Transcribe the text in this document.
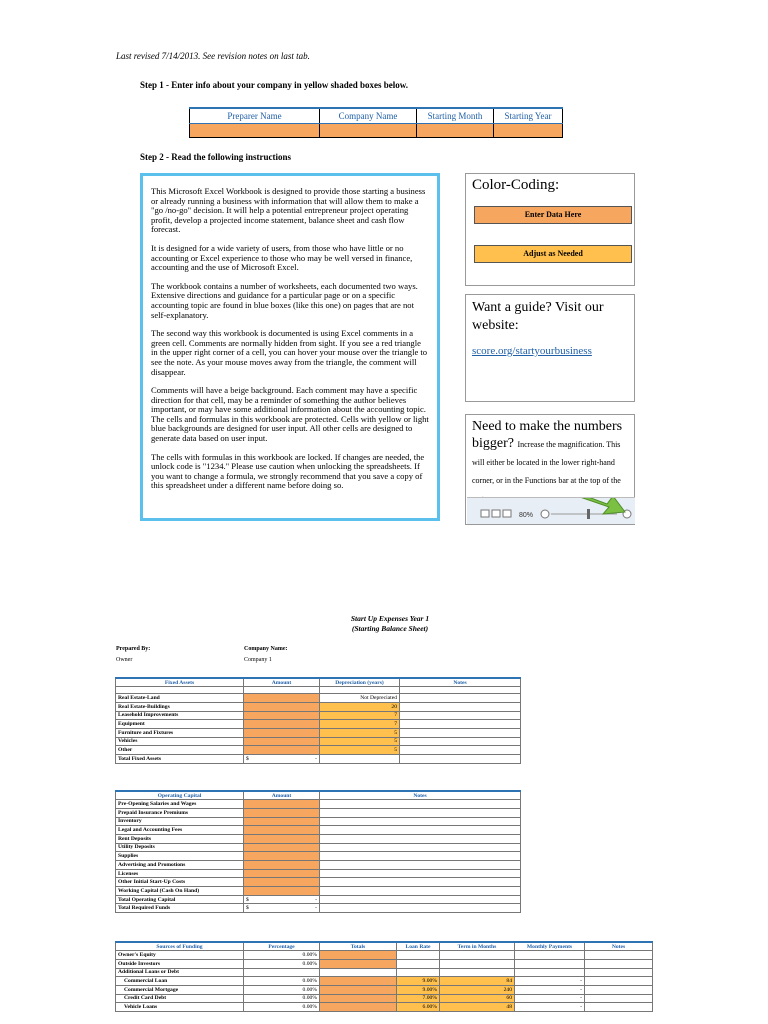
Last revised 7/14/2013. See revision notes on last tab.
Step 1 - Enter info about your company in yellow shaded boxes below.
Preparer Name	Company Name	Starting Month	Starting Year

Step 2 - Read the following instructions

This Microsoft Excel Workbook is designed to provide those starting a business or already running a business with information that will allow them to make a "go /no-go" decision. It will help a potential entrepreneur project operating profit, develop a projected income statement, balance sheet and cash flow forecast.

It is designed for a wide variety of users, from those who have little or no accounting or Excel experience to those who may be well versed in finance, accounting and the use of Microsoft Excel.

The workbook contains a number of worksheets, each documented two ways. Extensive directions and guidance for a particular page or on a specific accounting topic are found in blue boxes (like this one) on pages that are not self-explanatory.

The second way this workbook is documented is using Excel comments in a green cell. Comments are normally hidden from sight. If you see a red triangle in the upper right corner of a cell, you can hover your mouse over the triangle to see the note. As your mouse moves away from the triangle, the comment will disappear.

Comments will have a beige background. Each comment may have a specific direction for that cell, may be a reminder of something the author believes important, or may have some additional information about the accounting topic. The cells and formulas in this workbook are protected. Cells with yellow or light blue backgrounds are designed for user input. All other cells are designed to generate data based on user input.

The cells with formulas in this workbook are locked. If changes are needed, the unlock code is "1234." Please use caution when unlocking the spreadsheets. If you want to change a formula, we strongly recommend that you save a copy of this spreadsheet under a different name before doing so.

Color-Coding:
Enter Data Here
Adjust as Needed
Want a guide? Visit our website:
score.org/startyourbusiness
Need to make the numbers bigger? Increase the magnification. This will either be located in the lower right-hand corner, or in the Functions bar at the top of the
80%
Start Up Expenses Year 1
(Starting Balance Sheet)
Prepared By:
Owner
Company Name:
Company 1
Fixed Assets	Amount	Depreciation (years)	Notes

Real Estate-Land		Not Depreciated	
Real Estate-Buildings		20	
Leasehold Improvements		7	
Equipment		7	
Furniture and Fixtures		5	
Vehicles		5	
Other		5	
Total Fixed Assets	$ -		

Operating Capital	Amount	Notes
Pre-Opening Salaries and Wages		
Prepaid Insurance Premiums		
Inventory		
Legal and Accounting Fees		
Rent Deposits		
Utility Deposits		
Supplies		
Advertising and Promotions		
Licenses		
Other Initial Start-Up Costs		
Working Capital (Cash On Hand)		
Total Operating Capital	$ -	

Total Required Funds	$ -	

Sources of Funding	Percentage	Totals	Loan Rate	Term in Months	Monthly Payments	Notes
Owner's Equity	0.00%					
Outside Investors	0.00%					
Additional Loans or Debt						
Commercial Loan	0.00%		9.00%	84	-	
Commercial Mortgage	0.00%		9.00%	240	-	
Credit Card Debt	0.00%		7.00%	60	-	
Vehicle Loans	0.00%		6.00%	48	-	
